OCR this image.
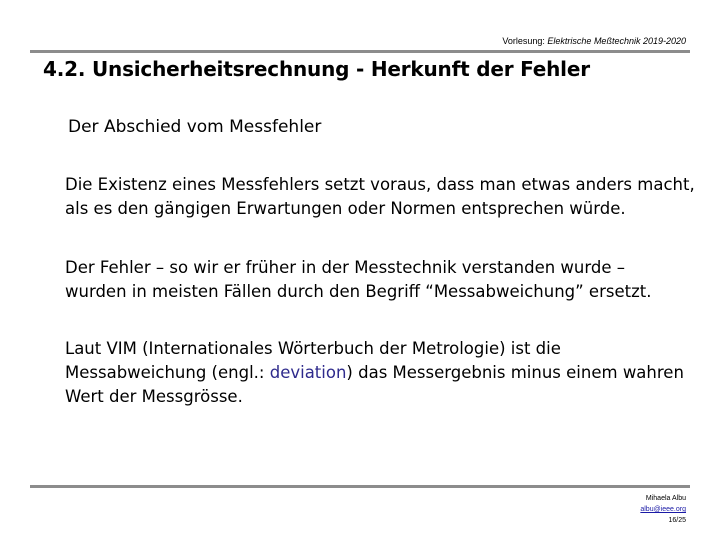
Vorlesung: Elektrische Meßtechnik 2019-2020
4.2. Unsicherheitsrechnung - Herkunft der Fehler
Der Abschied vom Messfehler

Die Existenz eines Messfehlers setzt voraus, dass man etwas anders macht,

als es den gängigen Erwartungen oder Normen entsprechen würde.

Der Fehler – so wir er früher in der Messtechnik verstanden wurde –

wurden in meisten Fällen durch den Begriff “Messabweichung” ersetzt.

Laut VIM (Internationales Wörterbuch der Metrologie) ist die

Messabweichung (engl.: deviation) das Messergebnis minus einem wahren

Wert der Messgrösse.

Mihaela Albu
albu@ieee.org
16/25
